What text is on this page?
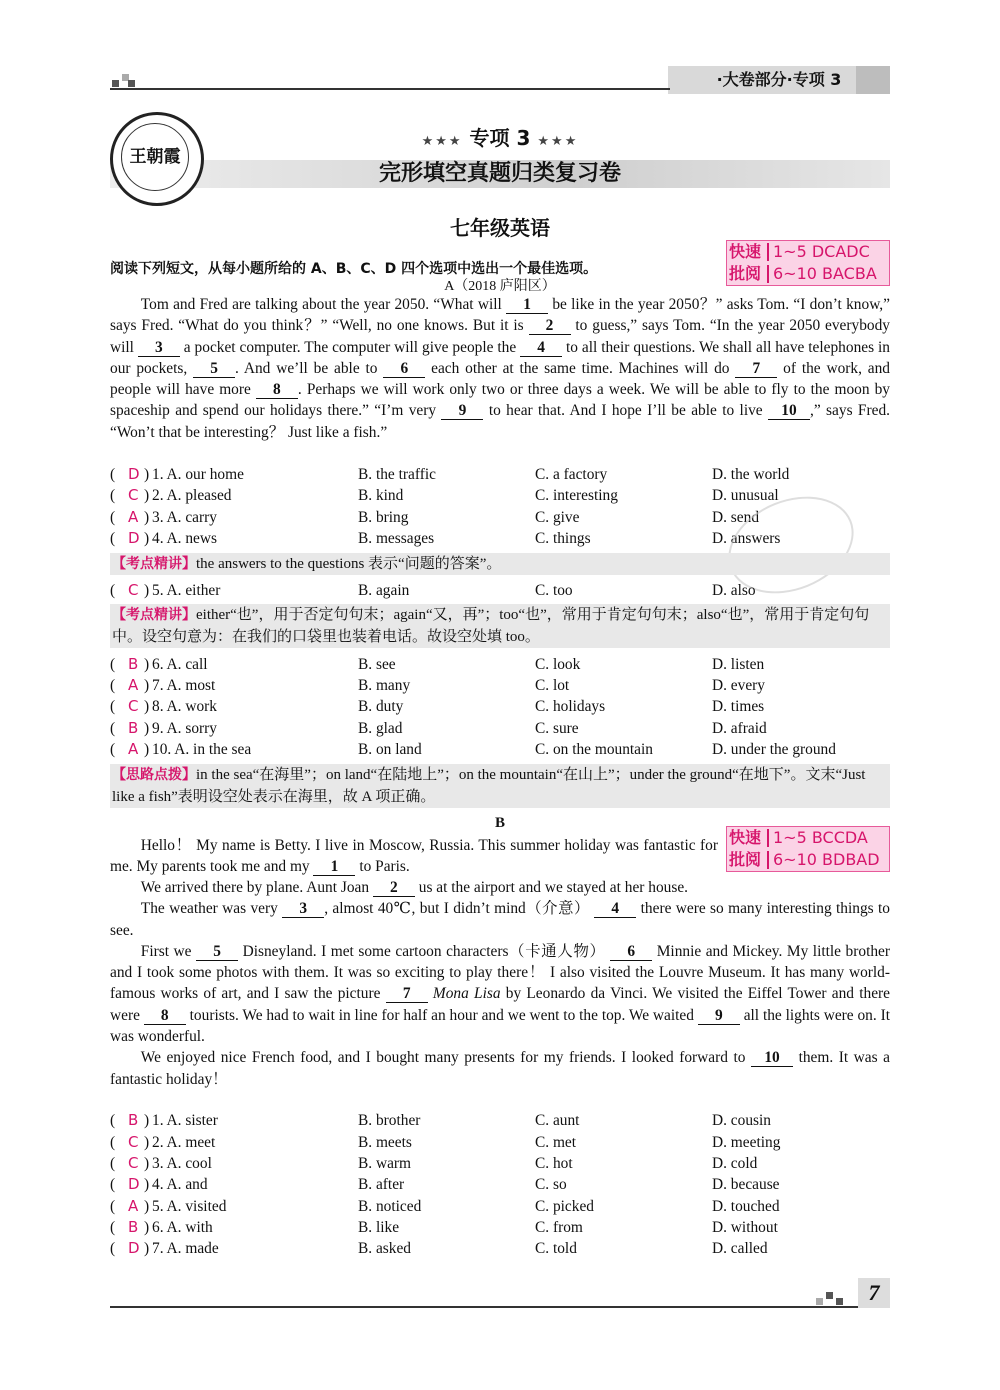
·大卷部分·专项 3
王朝霞
★★★ 专项 3 ★★★
完形填空真题归类复习卷
七年级英语
快速 1~5 DCADC
批阅 6~10 BACBA
阅读下列短文，从每小题所给的 A、B、C、D 四个选项中选出一个最佳选项。
A（2018 庐阳区）

Tom and Fred are talking about the year 2050. “What will 1 be like in the year 2050？” asks Tom. “I don’t know,” says Fred. “What do you think？” “Well, no one knows. But it is 2 to guess,” says Tom. “In the year 2050 everybody will 3 a pocket computer. The computer will give people the 4 to all their questions. We shall all have telephones in our pockets, 5 . And we’ll be able to 6 each other at the same time. Machines will do 7 of the work, and people will have more 8 . Perhaps we will work only two or three days a week. We will be able to fly to the moon by spaceship and spend our holidays there.” “I’m very 9 to hear that. And I hope I’ll be able to live 10 ,” says Fred. “Won’t that be interesting？ Just like a fish.”

( D ) 1. A. our home	B. the traffic	C. a factory	D. the world
( C ) 2. A. pleased	B. kind	C. interesting	D. unusual
( A ) 3. A. carry	B. bring	C. give	D. send
( D ) 4. A. news	B. messages	C. things	D. answers
【考点精讲】the answers to the questions 表示“问题的答案”。
( C ) 5. A. either	B. again	C. too	D. also
【考点精讲】either“也”，用于否定句句末；again“又，再”；too“也”，常用于肯定句句末；also“也”，常用于肯定句句中。设空句意为：在我们的口袋里也装着电话。故设空处填 too。
( B ) 6. A. call	B. see	C. look	D. listen
( A ) 7. A. most	B. many	C. lot	D. every
( C ) 8. A. work	B. duty	C. holidays	D. times
( B ) 9. A. sorry	B. glad	C. sure	D. afraid
( A ) 10. A. in the sea	B. on land	C. on the mountain	D. under the ground
【思路点拨】in the sea“在海里”；on land“在陆地上”；on the mountain“在山上”；under the ground“在地下”。文末“Just like a fish”表明设空处表示在海里，故 A 项正确。
B
快速 1~5 BCCDA
批阅 6~10 BDBAD

Hello！ My name is Betty. I live in Moscow, Russia. This summer holiday was fantastic for me. My parents took me and my 1 to Paris.

We arrived there by plane. Aunt Joan 2 us at the airport and we stayed at her house.

The weather was very 3 , almost 40℃, but I didn’t mind（介意） 4 there were so many interesting things to see.

First we 5 Disneyland. I met some cartoon characters（卡通人物） 6 Minnie and Mickey. My little brother and I took some photos with them. It was so exciting to play there！ I also visited the Louvre Museum. It has many world-famous works of art, and I saw the picture 7 Mona Lisa by Leonardo da Vinci. We visited the Eiffel Tower and there were 8 tourists. We had to wait in line for half an hour and we went to the top. We waited 9 all the lights were on. It was wonderful.

We enjoyed nice French food, and I bought many presents for my friends. I looked forward to 10 them. It was a fantastic holiday！

( B ) 1. A. sister	B. brother	C. aunt	D. cousin
( C ) 2. A. meet	B. meets	C. met	D. meeting
( C ) 3. A. cool	B. warm	C. hot	D. cold
( D ) 4. A. and	B. after	C. so	D. because
( A ) 5. A. visited	B. noticed	C. picked	D. touched
( B ) 6. A. with	B. like	C. from	D. without
( D ) 7. A. made	B. asked	C. told	D. called
7
